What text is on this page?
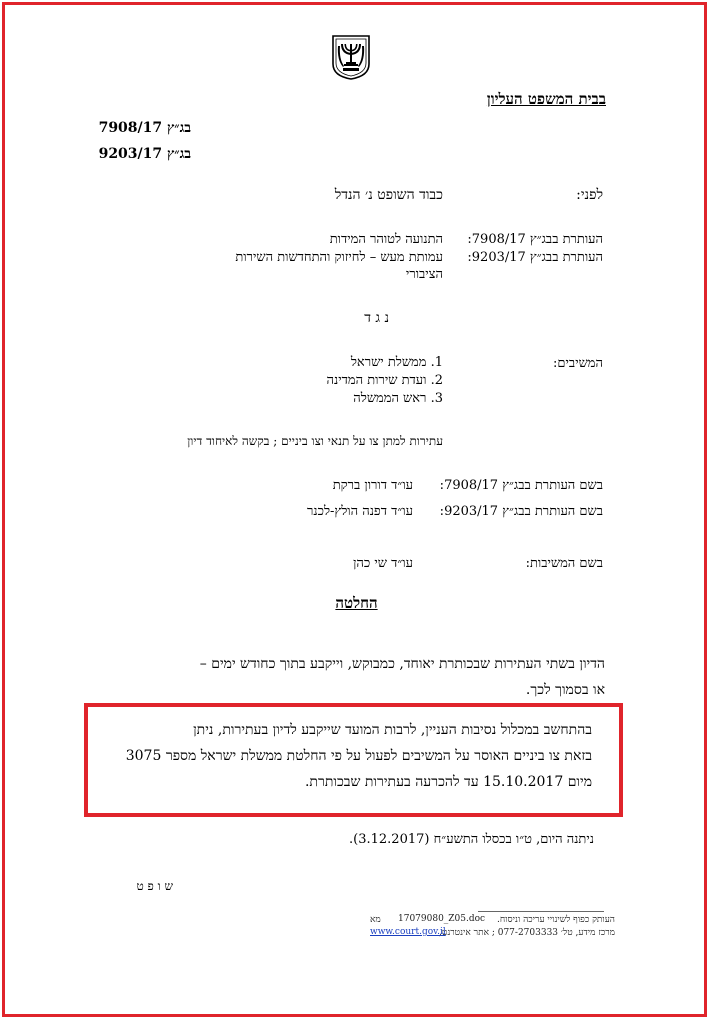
בבית המשפט העליון
בג״ץ 7908/17
בג״ץ 9203/17
לפני:
כבוד השופט נ׳ הנדל
העותרת בבג״ץ 7908/17:
התנועה לטוהר המידות
העותרת בבג״ץ 9203/17:
עמותת מעש – לחיזוק והתחדשות השירות
הציבורי
נ ג ד
המשיבים:
1. ממשלת ישראל
2. ועדת שירות המדינה
3. ראש הממשלה
עתירות למתן צו על תנאי וצו ביניים ; בקשה לאיחוד דיון
בשם העותרת בבג״ץ 7908/17:
עו״ד דורון ברקת
בשם העותרת בבג״ץ 9203/17:
עו״ד דפנה הולץ-לכנר
בשם המשיבות:
עו״ד שי כהן
החלטה
הדיון בשתי העתירות שבכותרת יאוחד, כמבוקש, וייקבע בתוך כחודש ימים –
או בסמוך לכך.
בהתחשב במכלול נסיבות העניין, לרבות המועד שייקבע לדיון בעתירות, ניתן
בזאת צו ביניים האוסר על המשיבים לפעול על פי החלטת ממשלת ישראל מספר 3075
מיום 15.10.2017 עד להכרעה בעתירות שבכותרת.
ניתנה היום, ט״ו בכסלו התשע״ח (3.12.2017).
ש ו פ ט
העותק כפוף לשינויי עריכה וניסוח.
17079080_Z05.doc
מא
מרכז מידע, טל׳ 077-2703333 ; אתר אינטרנט,
www.court.gov.il
